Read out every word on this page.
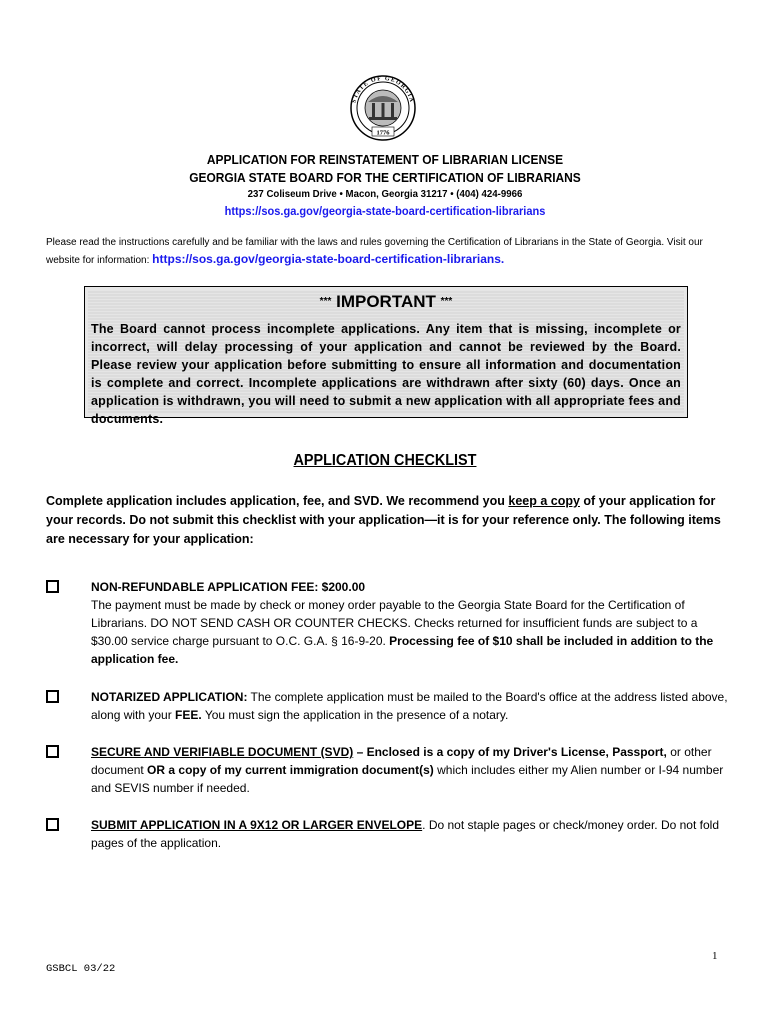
1776
STATE OF GEORGIA
APPLICATION FOR REINSTATEMENT OF LIBRARIAN LICENSE
GEORGIA STATE BOARD FOR THE CERTIFICATION OF LIBRARIANS
237 Coliseum Drive • Macon, Georgia 31217 • (404) 424-9966
https://sos.ga.gov/georgia-state-board-certification-librarians
Please read the instructions carefully and be familiar with the laws and rules governing the Certification of Librarians in the State of Georgia. Visit our website for information: https://sos.ga.gov/georgia-state-board-certification-librarians.
*** IMPORTANT ***
The Board cannot process incomplete applications. Any item that is missing, incomplete or incorrect, will delay processing of your application and cannot be reviewed by the Board. Please review your application before submitting to ensure all information and documentation is complete and correct. Incomplete applications are withdrawn after sixty (60) days. Once an application is withdrawn, you will need to submit a new application with all appropriate fees and documents.
APPLICATION CHECKLIST
Complete application includes application, fee, and SVD. We recommend you keep a copy of your application for your records. Do not submit this checklist with your application—it is for your reference only. The following items are necessary for your application:
NON-REFUNDABLE APPLICATION FEE: $200.00
The payment must be made by check or money order payable to the Georgia State Board for the Certification of Librarians. DO NOT SEND CASH OR COUNTER CHECKS. Checks returned for insufficient funds are subject to a $30.00 service charge pursuant to O.C. G.A. § 16-9-20. Processing fee of $10 shall be included in addition to the application fee.
NOTARIZED APPLICATION: The complete application must be mailed to the Board's office at the address listed above, along with your FEE. You must sign the application in the presence of a notary.
SECURE AND VERIFIABLE DOCUMENT (SVD) – Enclosed is a copy of my Driver's License, Passport, or other document OR a copy of my current immigration document(s) which includes either my Alien number or I-94 number and SEVIS number if needed.
SUBMIT APPLICATION IN A 9X12 OR LARGER ENVELOPE. Do not staple pages or check/money order. Do not fold pages of the application.
1
GSBCL 03/22
